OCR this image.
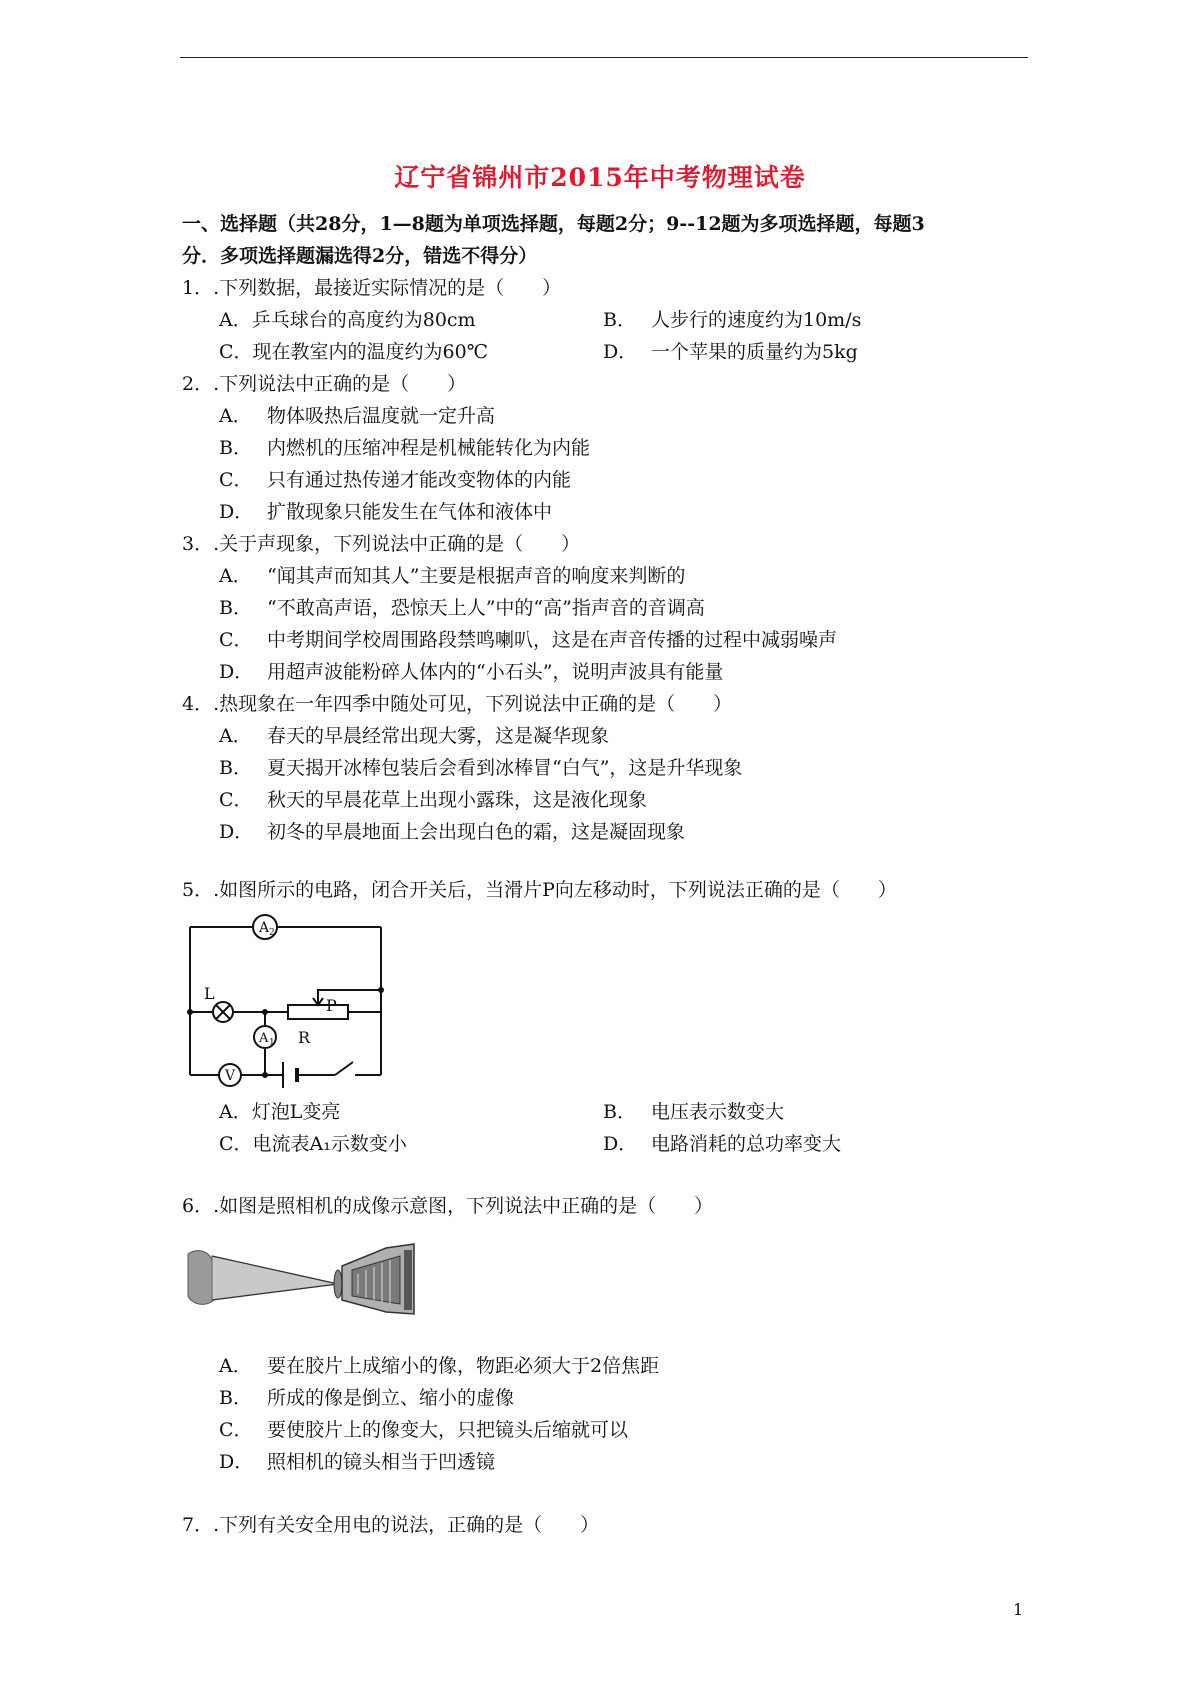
辽宁省锦州市2015年中考物理试卷
一、选择题（共28分，1—8题为单项选择题，每题2分；9--12题为多项选择题，每题3
分．多项选择题漏选得2分，错选不得分）
1．.下列数据，最接近实际情况的是（　　）
A．乒乓球台的高度约为80cm	B． 人步行的速度约为10m/s
C．现在教室内的温度约为60℃	D． 一个苹果的质量约为5kg
2．.下列说法中正确的是（　　）
A． 物体吸热后温度就一定升高
B． 内燃机的压缩冲程是机械能转化为内能
C． 只有通过热传递才能改变物体的内能
D． 扩散现象只能发生在气体和液体中
3．.关于声现象，下列说法中正确的是（　　）
A． “闻其声而知其人”主要是根据声音的响度来判断的
B． “不敢高声语，恐惊天上人”中的“高”指声音的音调高
C． 中考期间学校周围路段禁鸣喇叭，这是在声音传播的过程中减弱噪声
D． 用超声波能粉碎人体内的“小石头”，说明声波具有能量
4．.热现象在一年四季中随处可见，下列说法中正确的是（　　）
A． 春天的早晨经常出现大雾，这是凝华现象
B． 夏天揭开冰棒包装后会看到冰棒冒“白气”，这是升华现象
C． 秋天的早晨花草上出现小露珠，这是液化现象
D． 初冬的早晨地面上会出现白色的霜，这是凝固现象
5．.如图所示的电路，闭合开关后，当滑片P向左移动时，下列说法正确的是（　　）
A 2
A 1
V
L
R
P
A．灯泡L变亮	B． 电压表示数变大
C．电流表A₁示数变小	D． 电路消耗的总功率变大
6．.如图是照相机的成像示意图，下列说法中正确的是（　　）
A． 要在胶片上成缩小的像，物距必须大于2倍焦距
B． 所成的像是倒立、缩小的虚像
C． 要使胶片上的像变大，只把镜头后缩就可以
D． 照相机的镜头相当于凹透镜
7．.下列有关安全用电的说法，正确的是（　　）
1
